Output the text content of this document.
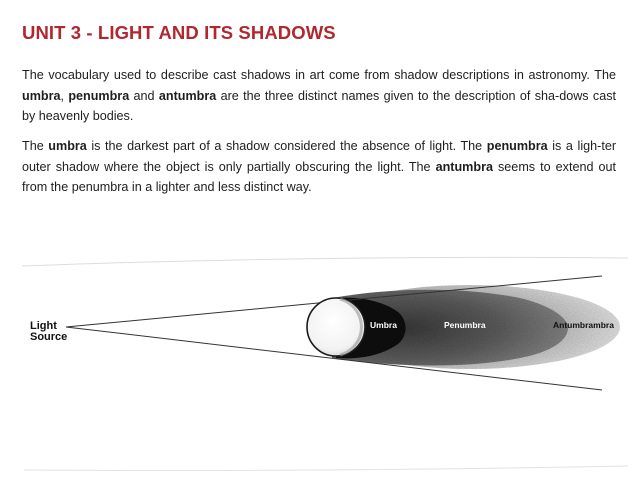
UNIT 3 - LIGHT AND ITS SHADOWS

The vocabulary used to describe cast shadows in art come from shadow descriptions in astronomy. The umbra, penumbra and antumbra are the three distinct names given to the description of sha-dows cast by heavenly bodies.

The umbra is the darkest part of a shadow considered the absence of light. The penumbra is a ligh-ter outer shadow where the object is only partially obscuring the light. The antumbra seems to extend out from the penumbra in a lighter and less distinct way.

Light
Source
Umbra	Penumbra	Antumbrambra
